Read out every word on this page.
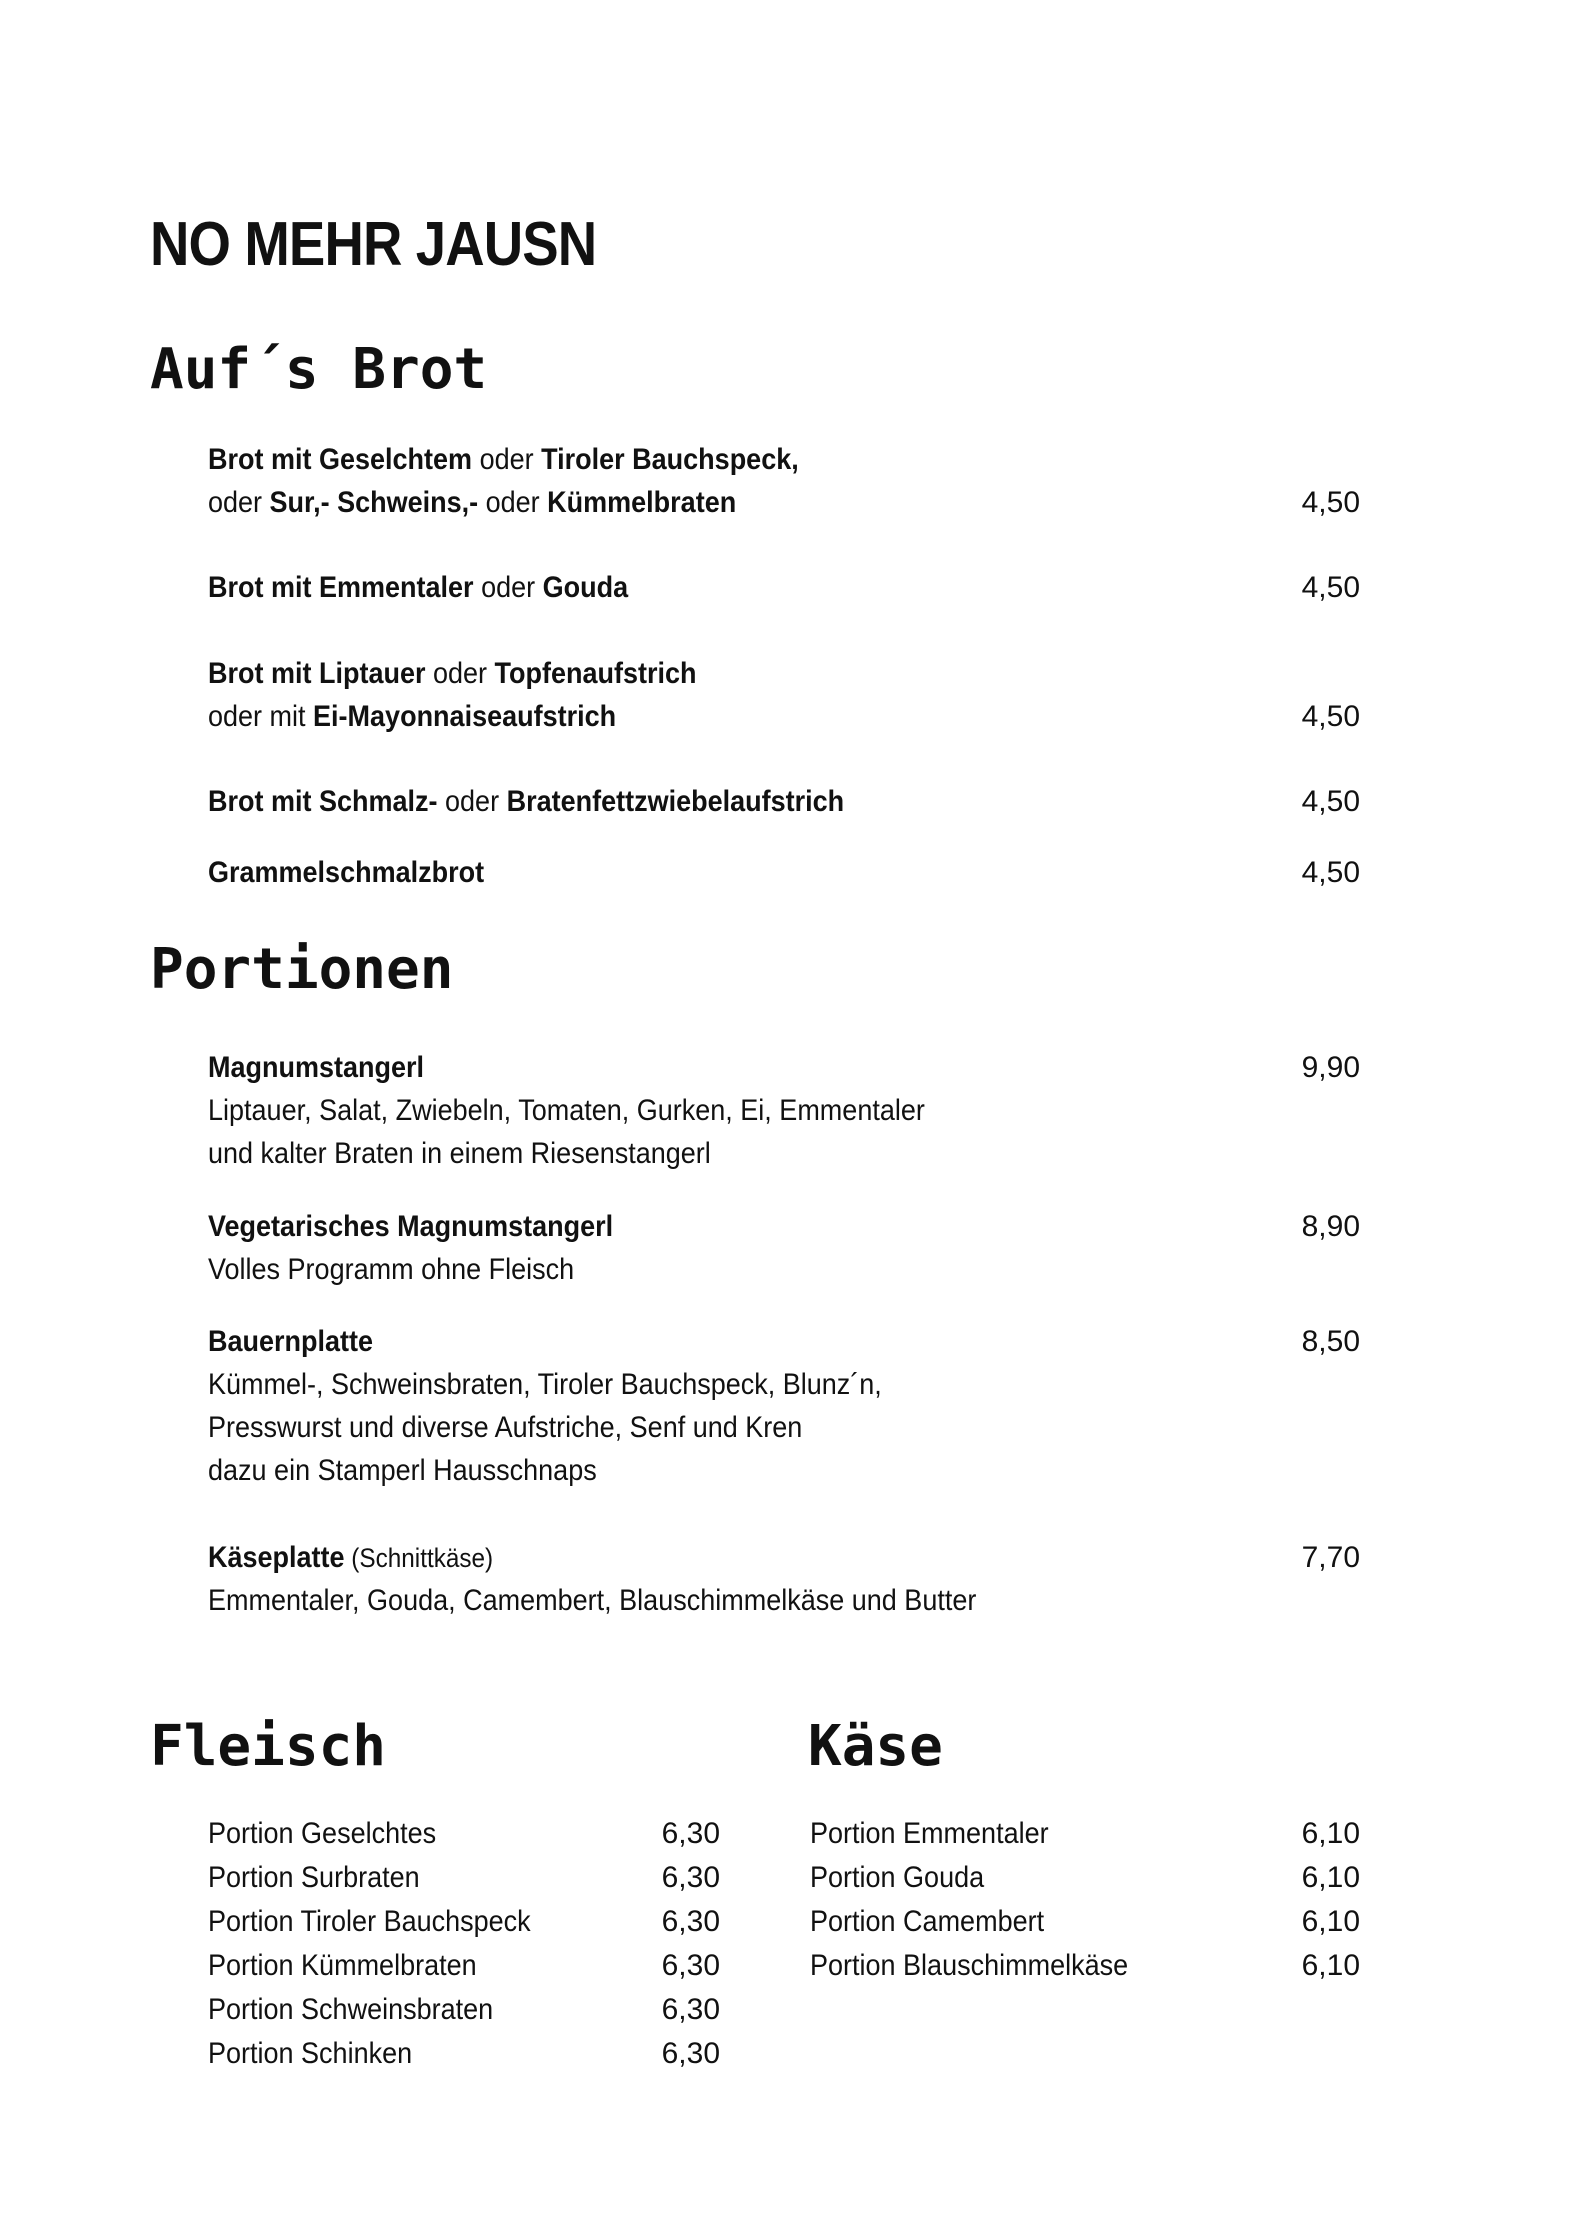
NO MEHR JAUSN
Auf´s Brot
Brot mit Geselchtem oder Tiroler Bauchspeck,
oder Sur,- Schweins,- oder Kümmelbraten	4,50
Brot mit Emmentaler oder Gouda	4,50
Brot mit Liptauer oder Topfenaufstrich
oder mit Ei-Mayonnaiseaufstrich	4,50
Brot mit Schmalz- oder Bratenfettzwiebelaufstrich	4,50
Grammelschmalzbrot	4,50
Portionen
Magnumstangerl	9,90
Liptauer, Salat, Zwiebeln, Tomaten, Gurken, Ei, Emmentaler
und kalter Braten in einem Riesenstangerl
Vegetarisches Magnumstangerl	8,90
Volles Programm ohne Fleisch
Bauernplatte	8,50
Kümmel-, Schweinsbraten, Tiroler Bauchspeck, Blunz´n,
Presswurst und diverse Aufstriche, Senf und Kren
dazu ein Stamperl Hausschnaps
Käseplatte (Schnittkäse)	7,70
Emmentaler, Gouda, Camembert, Blauschimmelkäse und Butter
Fleisch
Portion Geselchtes	6,30
Portion Surbraten	6,30
Portion Tiroler Bauchspeck	6,30
Portion Kümmelbraten	6,30
Portion Schweinsbraten	6,30
Portion Schinken	6,30
Käse
Portion Emmentaler	6,10
Portion Gouda	6,10
Portion Camembert	6,10
Portion Blauschimmelkäse	6,10
